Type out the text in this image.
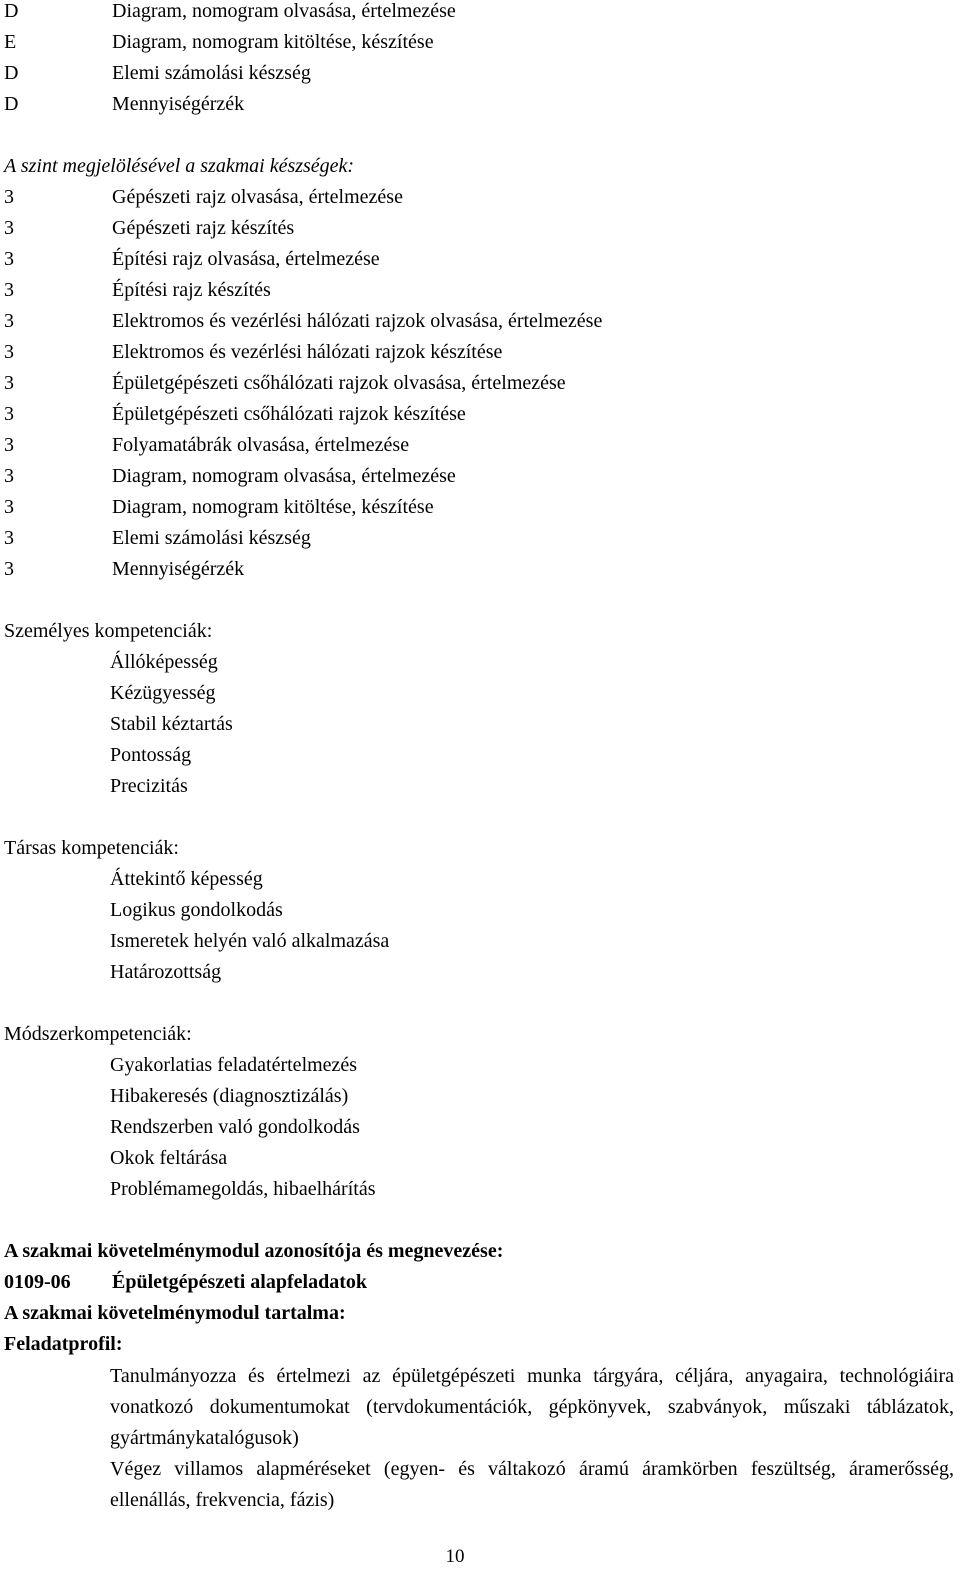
D	Diagram, nomogram olvasása, értelmezése
E	Diagram, nomogram kitöltése, készítése
D	Elemi számolási készség
D	Mennyiségérzék
A szint megjelölésével a szakmai készségek:
3	Gépészeti rajz olvasása, értelmezése
3	Gépészeti rajz készítés
3	Építési rajz olvasása, értelmezése
3	Építési rajz készítés
3	Elektromos és vezérlési hálózati rajzok olvasása, értelmezése
3	Elektromos és vezérlési hálózati rajzok készítése
3	Épületgépészeti csőhálózati rajzok olvasása, értelmezése
3	Épületgépészeti csőhálózati rajzok készítése
3	Folyamatábrák olvasása, értelmezése
3	Diagram, nomogram olvasása, értelmezése
3	Diagram, nomogram kitöltése, készítése
3	Elemi számolási készség
3	Mennyiségérzék
Személyes kompetenciák:
Állóképesség
Kézügyesség
Stabil kéztartás
Pontosság
Precizitás
Társas kompetenciák:
Áttekintő képesség
Logikus gondolkodás
Ismeretek helyén való alkalmazása
Határozottság
Módszerkompetenciák:
Gyakorlatias feladatértelmezés
Hibakeresés (diagnosztizálás)
Rendszerben való gondolkodás
Okok feltárása
Problémamegoldás, hibaelhárítás
A szakmai követelménymodul azonosítója és megnevezése:
0109-06 Épületgépészeti alapfeladatok
A szakmai követelménymodul tartalma:
Feladatprofil:
Tanulmányozza és értelmezi az épületgépészeti munka tárgyára, céljára, anyagaira, technológiáira vonatkozó dokumentumokat (tervdokumentációk, gépkönyvek, szabványok, műszaki táblázatok, gyártmánykatalógusok)
Végez villamos alapméréseket (egyen- és váltakozó áramú áramkörben feszültség, áramerősség, ellenállás, frekvencia, fázis)
10
